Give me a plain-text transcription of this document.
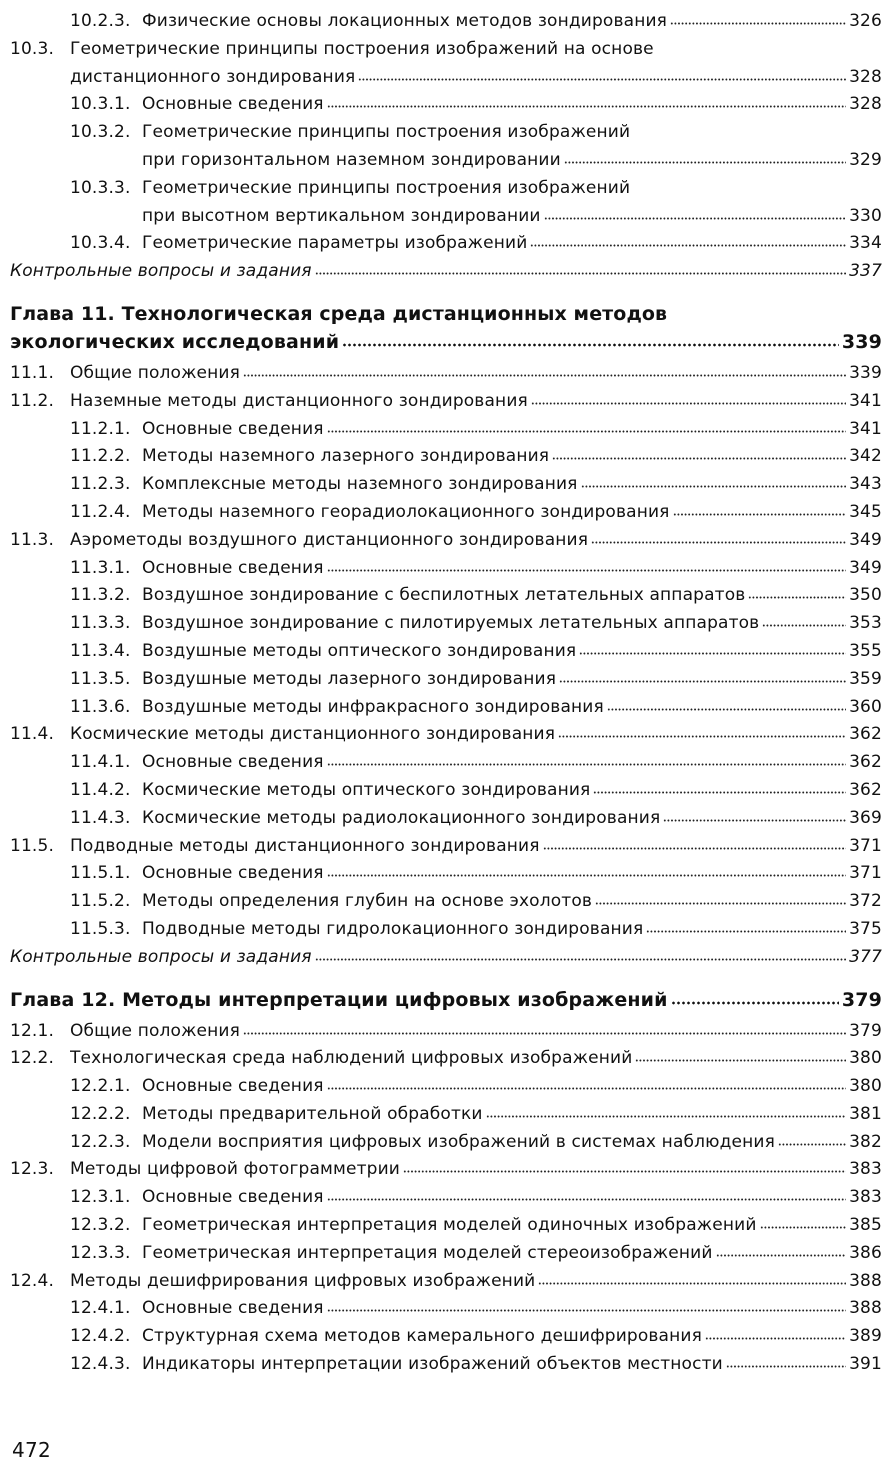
10.2.3. Физические основы локационных методов зондирования	326
10.3. Геометрические принципы построения изображений на основе
дистанционного зондирования	328
10.3.1. Основные сведения	328
10.3.2. Геометрические принципы построения изображений
при горизонтальном наземном зондировании	329
10.3.3. Геометрические принципы построения изображений
при высотном вертикальном зондировании	330
10.3.4. Геометрические параметры изображений	334
Контрольные вопросы и задания	337
Глава 11. Технологическая среда дистанционных методов
экологических исследований	339
11.1. Общие положения	339
11.2. Наземные методы дистанционного зондирования	341
11.2.1. Основные сведения	341
11.2.2. Методы наземного лазерного зондирования	342
11.2.3. Комплексные методы наземного зондирования	343
11.2.4. Методы наземного георадиолокационного зондирования	345
11.3. Аэрометоды воздушного дистанционного зондирования	349
11.3.1. Основные сведения	349
11.3.2. Воздушное зондирование с беспилотных летательных аппаратов	350
11.3.3. Воздушное зондирование с пилотируемых летательных аппаратов	353
11.3.4. Воздушные методы оптического зондирования	355
11.3.5. Воздушные методы лазерного зондирования	359
11.3.6. Воздушные методы инфракрасного зондирования	360
11.4. Космические методы дистанционного зондирования	362
11.4.1. Основные сведения	362
11.4.2. Космические методы оптического зондирования	362
11.4.3. Космические методы радиолокационного зондирования	369
11.5. Подводные методы дистанционного зондирования	371
11.5.1. Основные сведения	371
11.5.2. Методы определения глубин на основе эхолотов	372
11.5.3. Подводные методы гидролокационного зондирования	375
Контрольные вопросы и задания	377
Глава 12. Методы интерпретации цифровых изображений	379
12.1. Общие положения	379
12.2. Технологическая среда наблюдений цифровых изображений	380
12.2.1. Основные сведения	380
12.2.2. Методы предварительной обработки	381
12.2.3. Модели восприятия цифровых изображений в системах наблюдения	382
12.3. Методы цифровой фотограмметрии	383
12.3.1. Основные сведения	383
12.3.2. Геометрическая интерпретация моделей одиночных изображений	385
12.3.3. Геометрическая интерпретация моделей стереоизображений	386
12.4. Методы дешифрирования цифровых изображений	388
12.4.1. Основные сведения	388
12.4.2. Структурная схема методов камерального дешифрирования	389
12.4.3. Индикаторы интерпретации изображений объектов местности	391
472
